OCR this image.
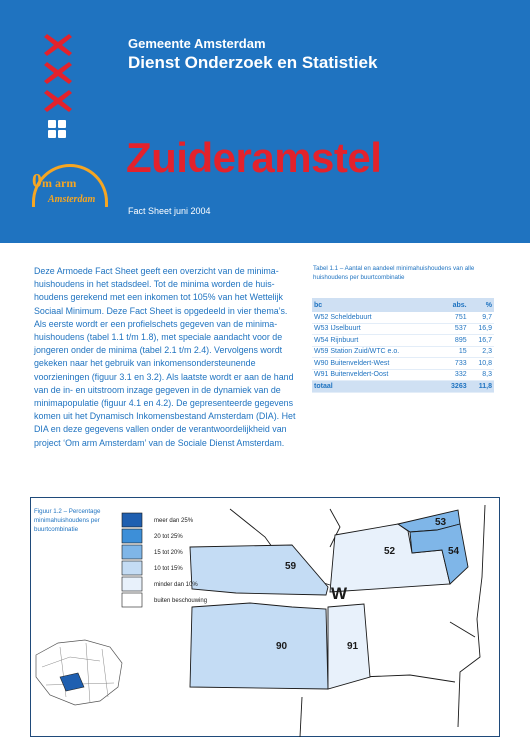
Gemeente Amsterdam
Dienst Onderzoek en Statistiek
Zuideramstel
Fact Sheet juni 2004
0m arm
Amsterdam

Deze Armoede Fact Sheet geeft een overzicht van de minima-huishoudens in het stadsdeel. Tot de minima worden de huis-houdens gerekend met een inkomen tot 105% van het Wettelijk Sociaal Minimum. Deze Fact Sheet is opgedeeld in vier thema’s. Als eerste wordt er een profielschets gegeven van de minima-huishoudens (tabel 1.1 t/m 1.8), met speciale aandacht voor de jongeren onder de minima (tabel 2.1 t/m 2.4). Vervolgens wordt gekeken naar het gebruik van inkomensondersteunende voorzieningen (figuur 3.1 en 3.2). Als laatste wordt er aan de hand van de in- en uitstroom inzage gegeven in de dynamiek van de minimapopulatie (figuur 4.1 en 4.2). De gepresenteerde gegevens komen uit het Dynamisch Inkomensbestand Amsterdam (DIA). Het DIA en deze gegevens vallen onder de verantwoordelijkheid van project ‘Om arm Amsterdam’ van de Sociale Dienst Amsterdam.

Tabel 1.1 – Aantal en aandeel minimahuishoudens van alle huishoudens per buurtcombinatie
bc	abs.	%
W52 Scheldebuurt	751	9,7
W53 IJselbuurt	537	16,9
W54 Rijnbuurt	895	16,7
W59 Station Zuid/WTC e.o.	15	2,3
W90 Buitenveldert-West	733	10,8
W91 Buitenveldert-Oost	332	8,3
totaal	3263	11,8
59
52
53
54
90	91
W
meer dan 25%
20 tot 25%
15 tot 20%
10 tot 15%
minder dan 10%
buiten beschouwing
Figuur 1.2 – Percentage minimahuishoudens per buurtcombinatie
